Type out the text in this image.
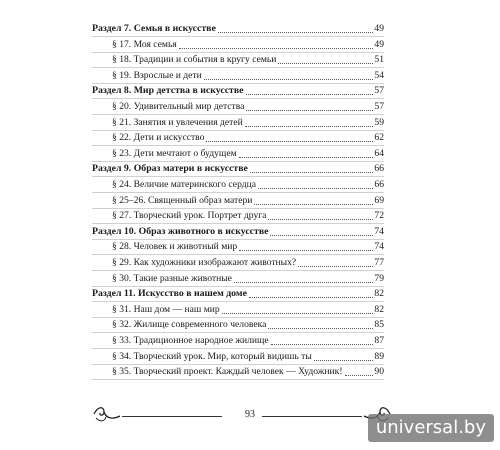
Раздел 7. Семья в искусстве	49
§ 17. Моя семья	49
§ 18. Традиции и события в кругу семьи	51
§ 19. Взрослые и дети	54
Раздел 8. Мир детства в искусстве	57
§ 20. Удивительный мир детства	57
§ 21. Занятия и увлечения детей	59
§ 22. Дети и искусство	62
§ 23. Дети мечтают о будущем	64
Раздел 9. Образ матери в искусстве	66
§ 24. Величие материнского сердца	66
§ 25–26. Священный образ матери	69
§ 27. Творческий урок. Портрет друга	72
Раздел 10. Образ животного в искусстве	74
§ 28. Человек и животный мир	74
§ 29. Как художники изображают животных?	77
§ 30. Такие разные животные	79
Раздел 11. Искусство в нашем доме	82
§ 31. Наш дом — наш мир	82
§ 32. Жилище современного человека	85
§ 33. Традиционное народное жилище	87
§ 34. Творческий урок. Мир, который видишь ты	89
§ 35. Творческий проект. Каждый человек — Художник!	90
93
universal.by
